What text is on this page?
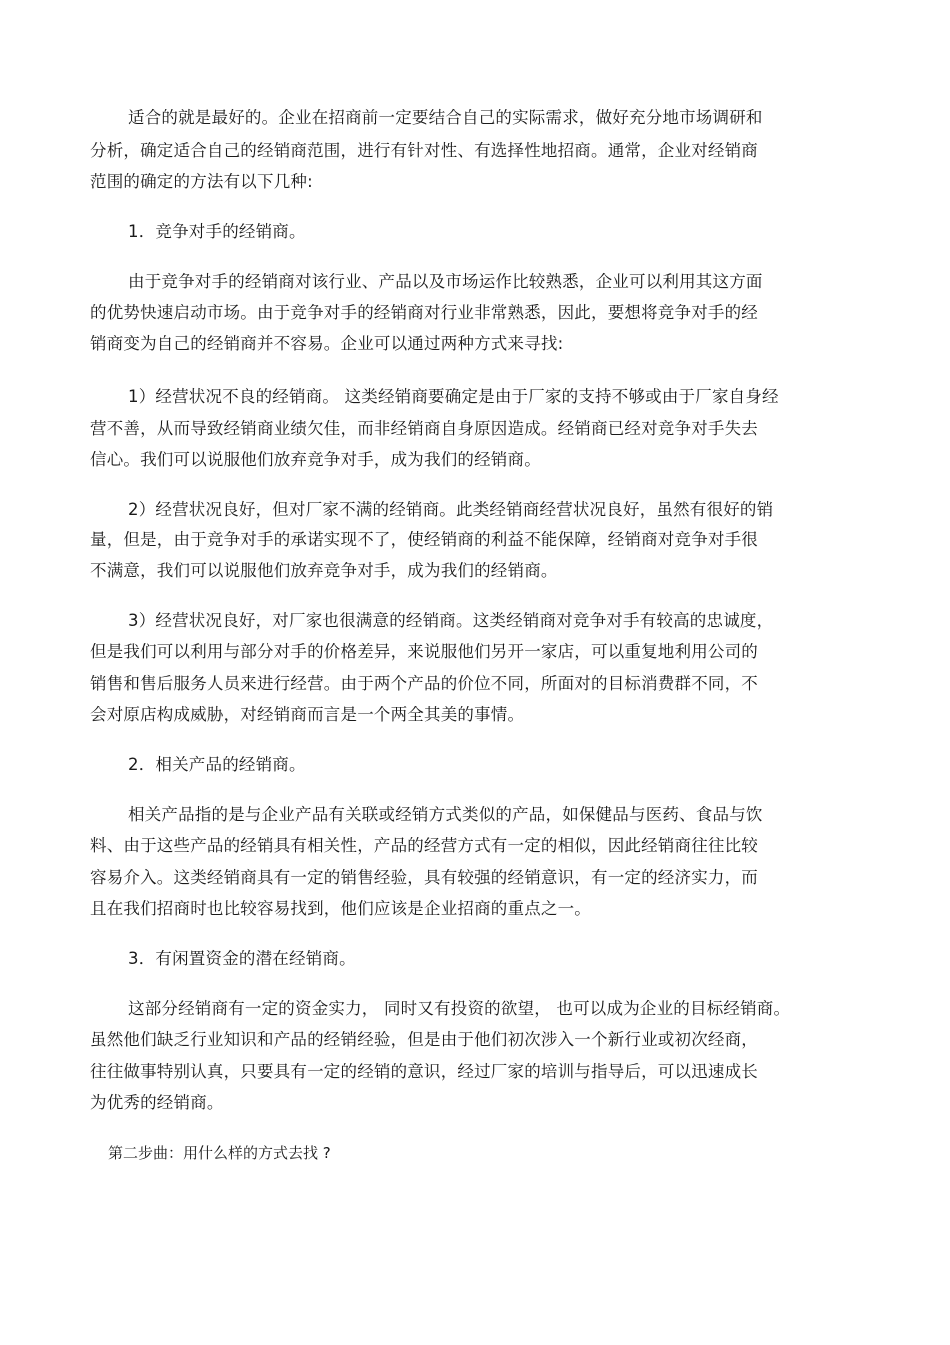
适合的就是最好的。企业在招商前一定要结合自己的实际需求，做好充分地市场调研和
分析，确定适合自己的经销商范围，进行有针对性、有选择性地招商。通常，企业对经销商
范围的确定的方法有以下几种:
1．竞争对手的经销商。
由于竞争对手的经销商对该行业、产品以及市场运作比较熟悉，企业可以利用其这方面
的优势快速启动市场。由于竞争对手的经销商对行业非常熟悉，因此，要想将竞争对手的经
销商变为自己的经销商并不容易。企业可以通过两种方式来寻找:
1）经营状况不良的经销商。 这类经销商要确定是由于厂家的支持不够或由于厂家自身经
营不善，从而导致经销商业绩欠佳，而非经销商自身原因造成。经销商已经对竞争对手失去
信心。我们可以说服他们放弃竞争对手，成为我们的经销商。
2）经营状况良好，但对厂家不满的经销商。此类经销商经营状况良好，虽然有很好的销
量，但是，由于竞争对手的承诺实现不了，使经销商的利益不能保障，经销商对竞争对手很
不满意，我们可以说服他们放弃竞争对手，成为我们的经销商。
3）经营状况良好，对厂家也很满意的经销商。这类经销商对竞争对手有较高的忠诚度，
但是我们可以利用与部分对手的价格差异，来说服他们另开一家店，可以重复地利用公司的
销售和售后服务人员来进行经营。由于两个产品的价位不同，所面对的目标消费群不同，不
会对原店构成威胁，对经销商而言是一个两全其美的事情。
2．相关产品的经销商。
相关产品指的是与企业产品有关联或经销方式类似的产品，如保健品与医药、食品与饮
料、由于这些产品的经销具有相关性，产品的经营方式有一定的相似，因此经销商往往比较
容易介入。这类经销商具有一定的销售经验，具有较强的经销意识，有一定的经济实力，而
且在我们招商时也比较容易找到，他们应该是企业招商的重点之一。
3．有闲置资金的潜在经销商。
这部分经销商有一定的资金实力， 同时又有投资的欲望， 也可以成为企业的目标经销商。
虽然他们缺乏行业知识和产品的经销经验，但是由于他们初次涉入一个新行业或初次经商，
往往做事特别认真，只要具有一定的经销的意识，经过厂家的培训与指导后，可以迅速成长
为优秀的经销商。
第二步曲：用什么样的方式去找 ?
